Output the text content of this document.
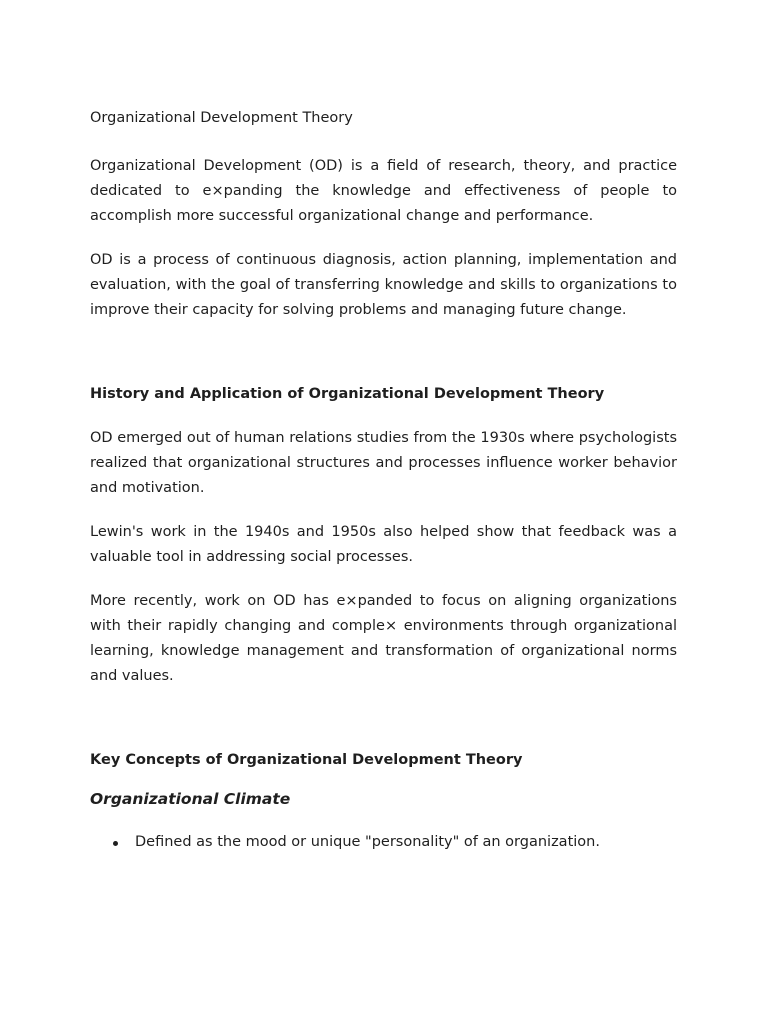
Organizational Development Theory

Organizational Development (OD) is a field of research, theory, and practice dedicated to e×panding the knowledge and effectiveness of people to accomplish more successful organizational change and performance.

OD is a process of continuous diagnosis, action planning, implementation and evaluation, with the goal of transferring knowledge and skills to organizations to improve their capacity for solving problems and managing future change.

History and Application of Organizational Development Theory

OD emerged out of human relations studies from the 1930s where psychologists realized that organizational structures and processes influence worker behavior and motivation.

Lewin's work in the 1940s and 1950s also helped show that feedback was a valuable tool in addressing social processes.

More recently, work on OD has e×panded to focus on aligning organizations with their rapidly changing and comple× environments through organizational learning, knowledge management and transformation of organizational norms and values.

Key Concepts of Organizational Development Theory
Organizational Climate
Defined as the mood or unique "personality" of an organization.
